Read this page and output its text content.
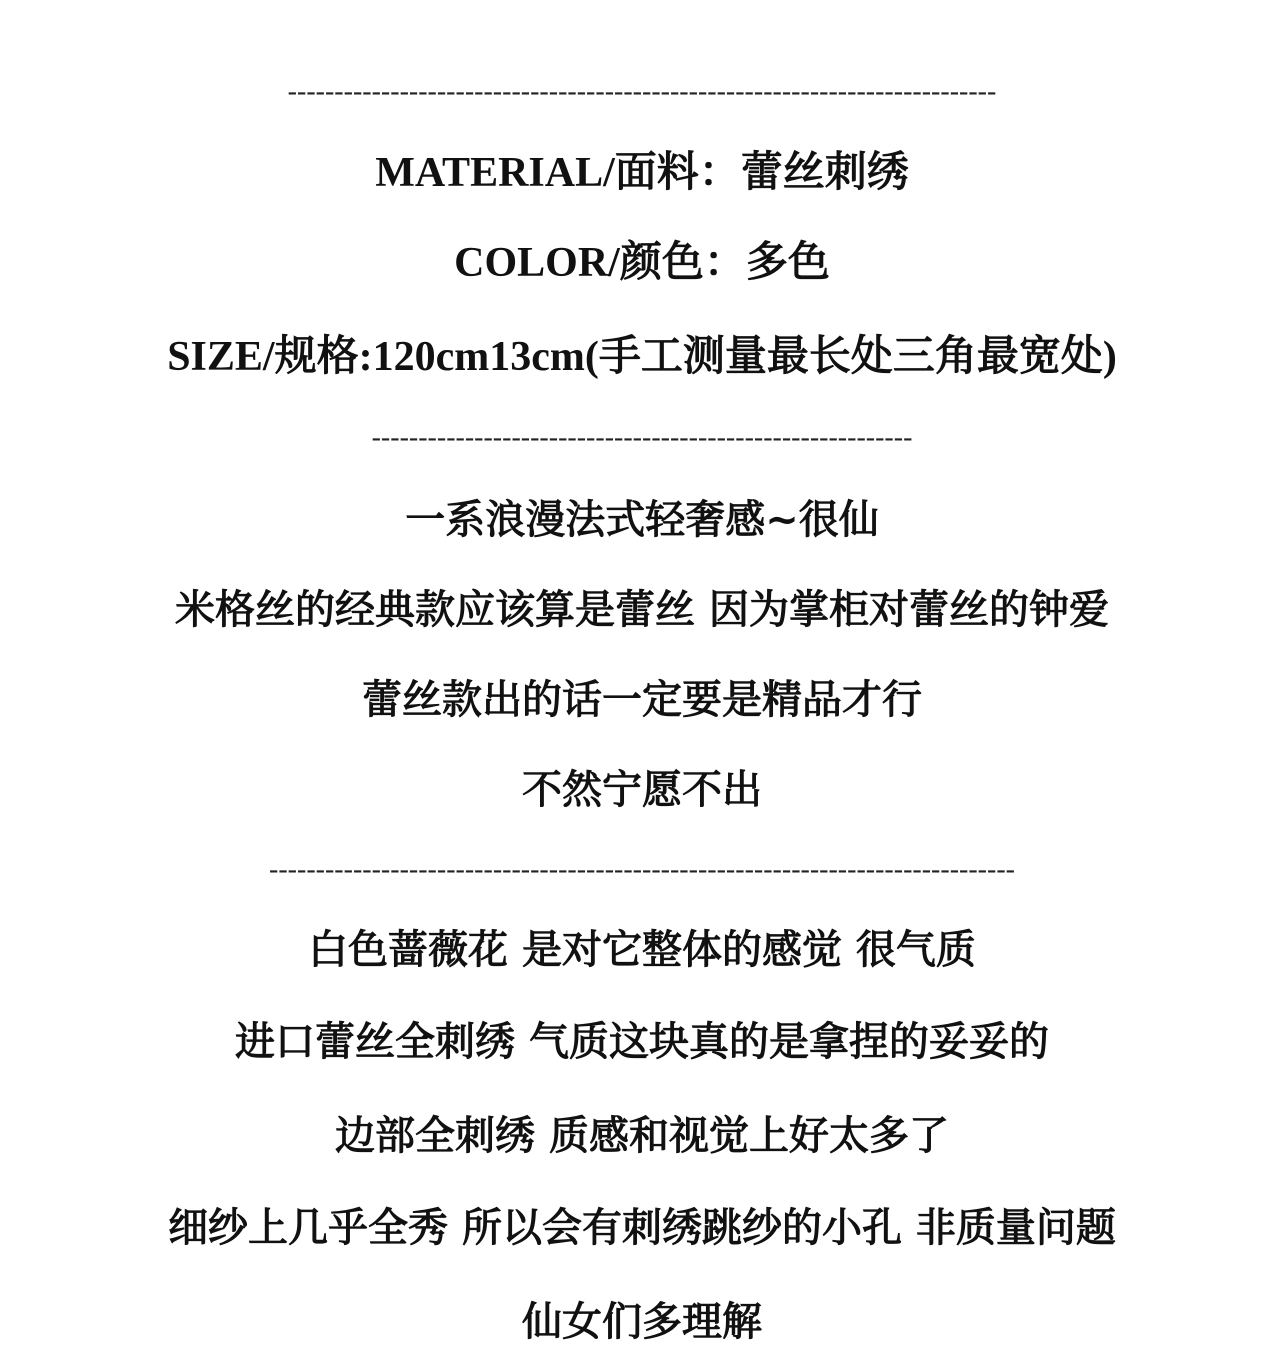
----------------------------------------------------------------------------
MATERIAL/面料：蕾丝刺绣
COLOR/颜色：多色
SIZE/规格:120cm13cm(手工测量最长处三角最宽处)
----------------------------------------------------------
一系浪漫法式轻奢感~很仙
米格丝的经典款应该算是蕾丝 因为掌柜对蕾丝的钟爱
蕾丝款出的话一定要是精品才行
不然宁愿不出
--------------------------------------------------------------------------------
白色蔷薇花 是对它整体的感觉 很气质
进口蕾丝全刺绣 气质这块真的是拿捏的妥妥的
边部全刺绣 质感和视觉上好太多了
细纱上几乎全秀 所以会有刺绣跳纱的小孔 非质量问题
仙女们多理解
